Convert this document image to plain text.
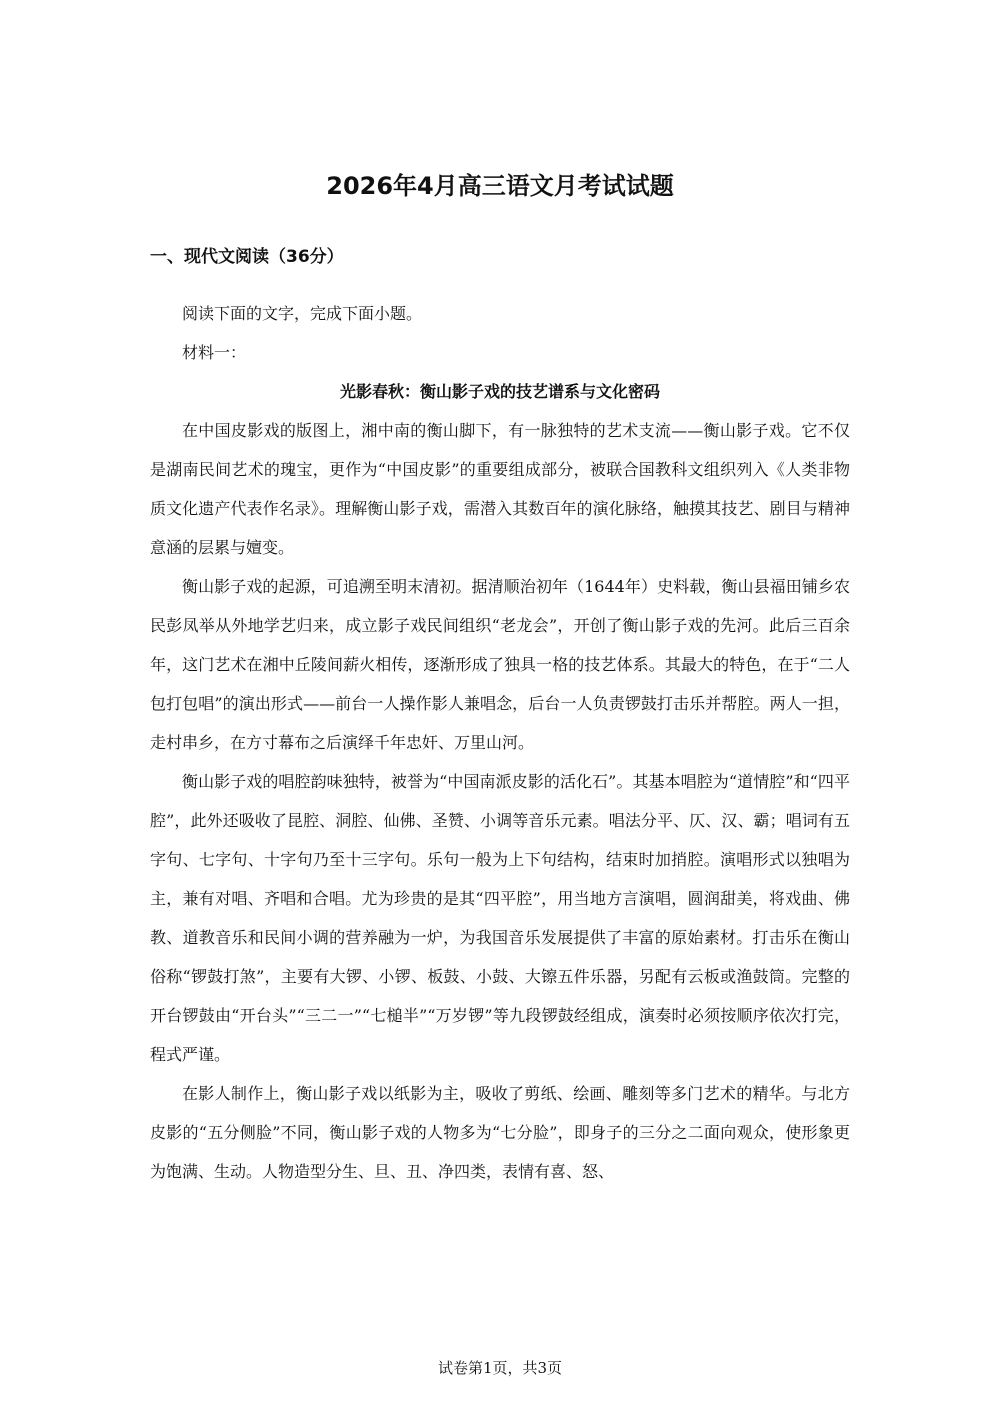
2026年4月高三语文月考试试题
一、现代文阅读（36分）

阅读下面的文字，完成下面小题。

材料一：

光影春秋：衡山影子戏的技艺谱系与文化密码

在中国皮影戏的版图上，湘中南的衡山脚下，有一脉独特的艺术支流——衡山影子戏。它不仅是湖南民间艺术的瑰宝，更作为“中国皮影”的重要组成部分，被联合国教科文组织列入《人类非物质文化遗产代表作名录》。理解衡山影子戏，需潜入其数百年的演化脉络，触摸其技艺、剧目与精神意涵的层累与嬗变。

衡山影子戏的起源，可追溯至明末清初。据清顺治初年（1644年）史料载，衡山县福田铺乡农民彭凤举从外地学艺归来，成立影子戏民间组织“老龙会”，开创了衡山影子戏的先河。此后三百余年，这门艺术在湘中丘陵间薪火相传，逐渐形成了独具一格的技艺体系。其最大的特色，在于“二人包打包唱”的演出形式——前台一人操作影人兼唱念，后台一人负责锣鼓打击乐并帮腔。两人一担，走村串乡，在方寸幕布之后演绎千年忠奸、万里山河。

衡山影子戏的唱腔韵味独特，被誉为“中国南派皮影的活化石”。其基本唱腔为“道情腔”和“四平腔”，此外还吸收了昆腔、洞腔、仙佛、圣赞、小调等音乐元素。唱法分平、仄、汉、霸；唱词有五字句、七字句、十字句乃至十三字句。乐句一般为上下句结构，结束时加捎腔。演唱形式以独唱为主，兼有对唱、齐唱和合唱。尤为珍贵的是其“四平腔”，用当地方言演唱，圆润甜美，将戏曲、佛教、道教音乐和民间小调的营养融为一炉，为我国音乐发展提供了丰富的原始素材。打击乐在衡山俗称“锣鼓打煞”，主要有大锣、小锣、板鼓、小鼓、大镲五件乐器，另配有云板或渔鼓筒。完整的开台锣鼓由“开台头”“三二一”“七槌半”“万岁锣”等九段锣鼓经组成，演奏时必须按顺序依次打完，程式严谨。

在影人制作上，衡山影子戏以纸影为主，吸收了剪纸、绘画、雕刻等多门艺术的精华。与北方皮影的“五分侧脸”不同，衡山影子戏的人物多为“七分脸”，即身子的三分之二面向观众，使形象更为饱满、生动。人物造型分生、旦、丑、净四类，表情有喜、怒、

试卷第1页，共3页
